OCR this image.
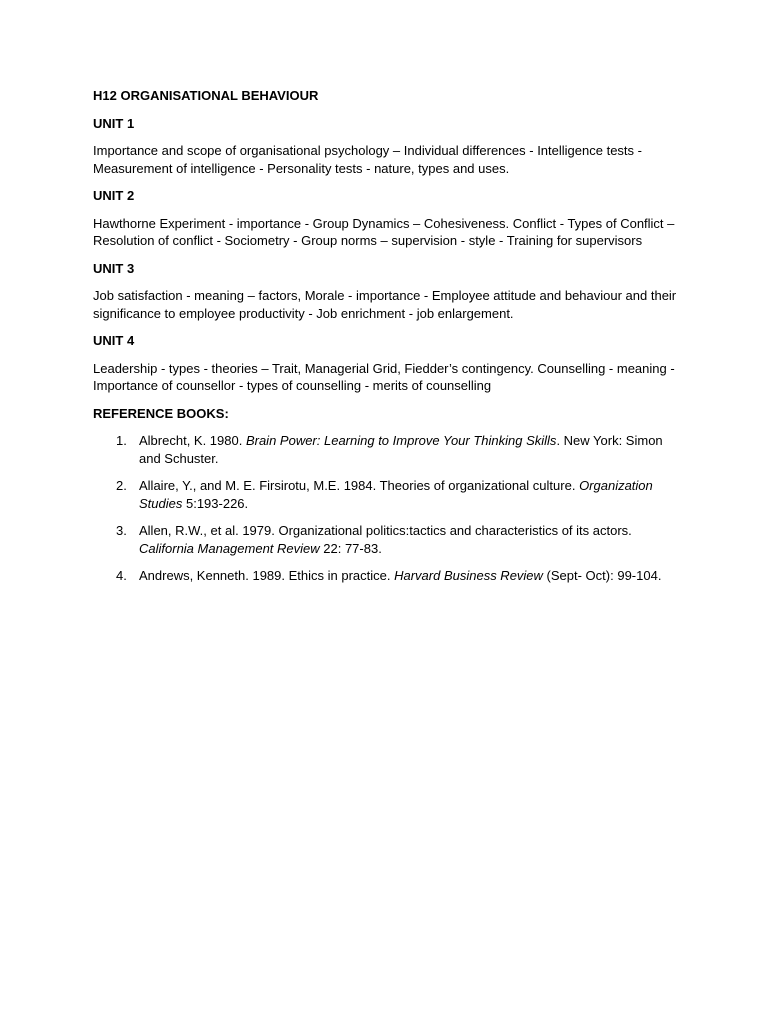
H12 ORGANISATIONAL BEHAVIOUR

UNIT 1

Importance and scope of organisational psychology – Individual differences - Intelligence tests - Measurement of intelligence - Personality tests - nature, types and uses.

UNIT 2

Hawthorne Experiment - importance - Group Dynamics – Cohesiveness. Conflict - Types of Conflict – Resolution of conflict - Sociometry - Group norms – supervision - style - Training for supervisors

UNIT 3

Job satisfaction - meaning – factors, Morale - importance - Employee attitude and behaviour and their significance to employee productivity - Job enrichment - job enlargement.

UNIT 4

Leadership - types - theories – Trait, Managerial Grid, Fiedder’s contingency. Counselling - meaning - Importance of counsellor - types of counselling - merits of counselling

REFERENCE BOOKS:

1. Albrecht, K. 1980. Brain Power: Learning to Improve Your Thinking Skills. New York: Simon and Schuster.
2. Allaire, Y., and M. E. Firsirotu, M.E. 1984. Theories of organizational culture. Organization Studies 5:193-226.
3. Allen, R.W., et al. 1979. Organizational politics:tactics and characteristics of its actors. California Management Review 22: 77-83.
4. Andrews, Kenneth. 1989. Ethics in practice. Harvard Business Review (Sept- Oct): 99-104.
